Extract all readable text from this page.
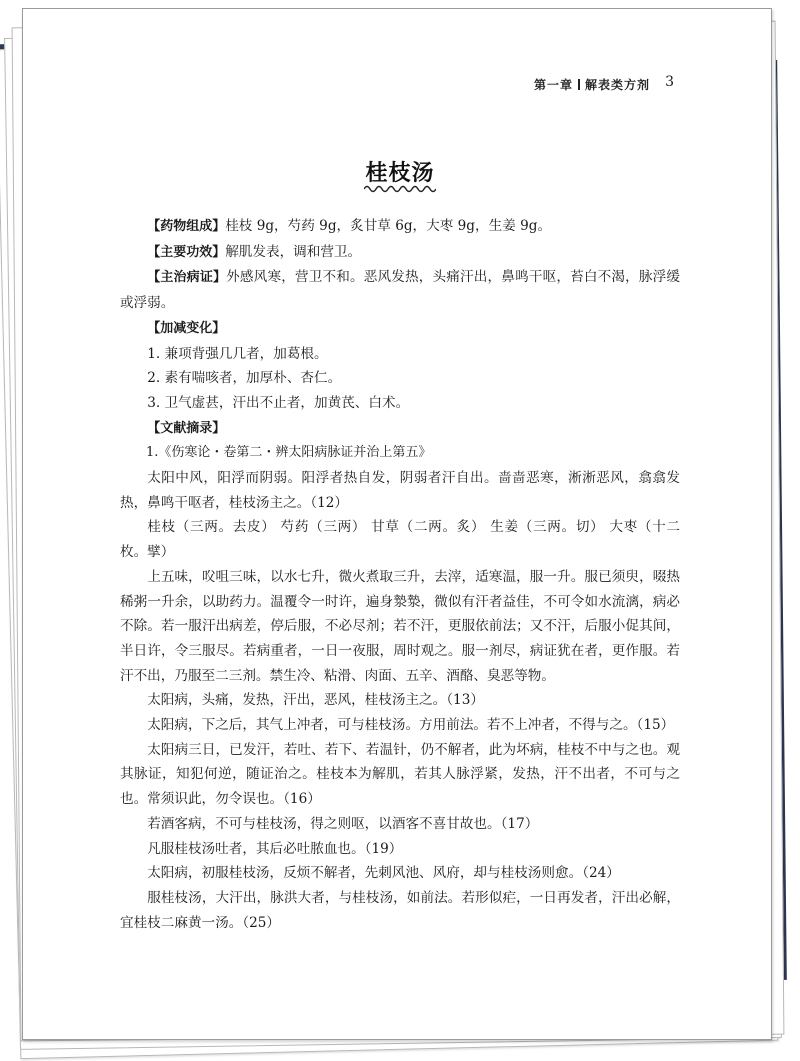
第一章 解表类方剂 3
桂枝汤

【药物组成】桂枝 9g，芍药 9g，炙甘草 6g，大枣 9g，生姜 9g。

【主要功效】解肌发表，调和营卫。

【主治病证】外感风寒，营卫不和。恶风发热，头痛汗出，鼻鸣干呕，苔白不渴，脉浮缓或浮弱。

【加减变化】

1. 兼项背强几几者，加葛根。

2. 素有喘咳者，加厚朴、杏仁。

3. 卫气虚甚，汗出不止者，加黄芪、白术。

【文献摘录】

1.《伤寒论・卷第二・辨太阳病脉证并治上第五》

太阳中风，阳浮而阴弱。阳浮者热自发，阴弱者汗自出。啬啬恶寒，淅淅恶风，翕翕发热，鼻鸣干呕者，桂枝汤主之。（12）

桂枝（三两。去皮） 芍药（三两） 甘草（二两。炙） 生姜（三两。切） 大枣（十二枚。擘）

上五味，㕮咀三味，以水七升，微火煮取三升，去滓，适寒温，服一升。服已须臾，啜热稀粥一升余，以助药力。温覆令一时许，遍身漐漐，微似有汗者益佳，不可令如水流漓，病必不除。若一服汗出病差，停后服，不必尽剂；若不汗，更服依前法；又不汗，后服小促其间，半日许，令三服尽。若病重者，一日一夜服，周时观之。服一剂尽，病证犹在者，更作服。若汗不出，乃服至二三剂。禁生冷、粘滑、肉面、五辛、酒酪、臭恶等物。

太阳病，头痛，发热，汗出，恶风，桂枝汤主之。（13）

太阳病，下之后，其气上冲者，可与桂枝汤。方用前法。若不上冲者，不得与之。（15）

太阳病三日，已发汗，若吐、若下、若温针，仍不解者，此为坏病，桂枝不中与之也。观其脉证，知犯何逆，随证治之。桂枝本为解肌，若其人脉浮紧，发热，汗不出者，不可与之也。常须识此，勿令误也。（16）

若酒客病，不可与桂枝汤，得之则呕，以酒客不喜甘故也。（17）

凡服桂枝汤吐者，其后必吐脓血也。（19）

太阳病，初服桂枝汤，反烦不解者，先刺风池、风府，却与桂枝汤则愈。（24）

服桂枝汤，大汗出，脉洪大者，与桂枝汤，如前法。若形似疟，一日再发者，汗出必解，宜桂枝二麻黄一汤。（25）
